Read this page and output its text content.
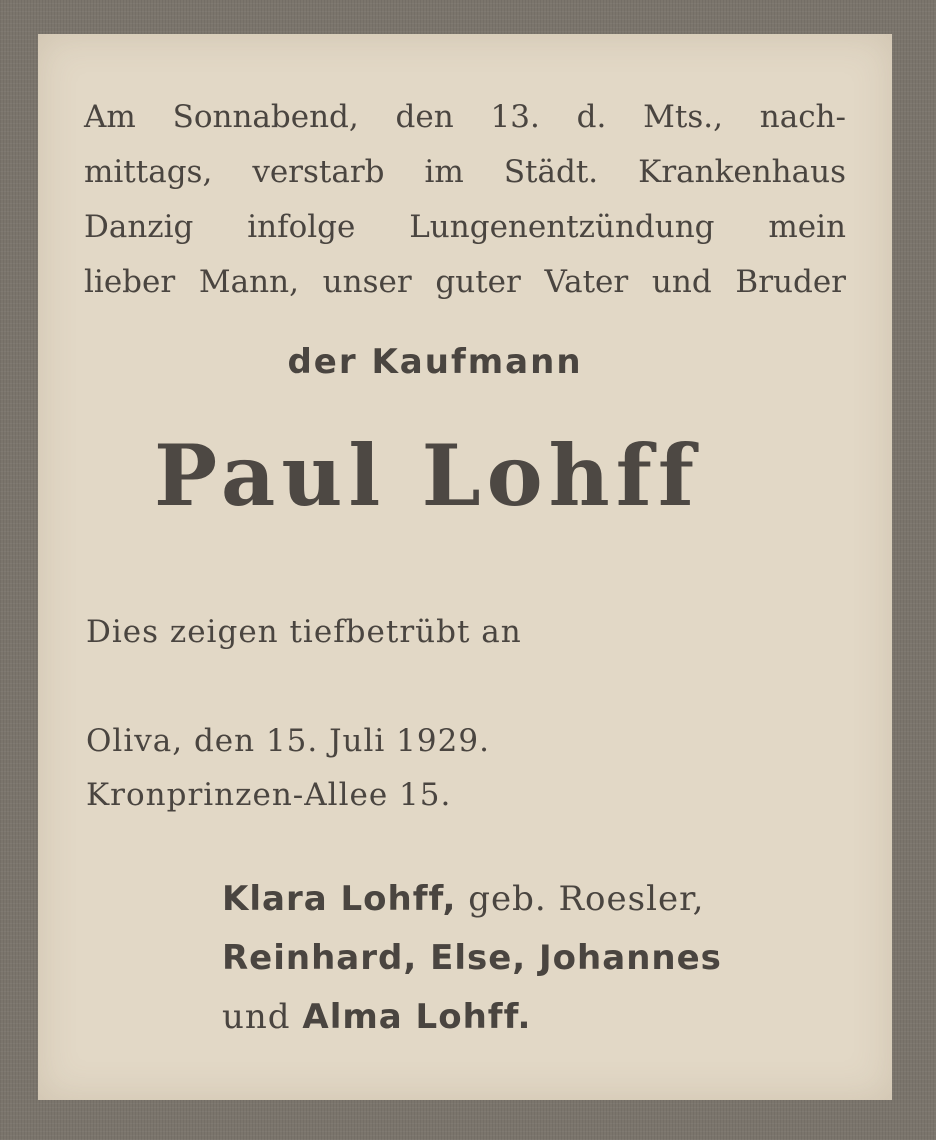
Am Sonnabend, den 13. d. Mts., nach-
mittags, verstarb im Städt. Krankenhaus
Danzig infolge Lungenentzündung mein
lieber Mann, unser guter Vater und Bruder
der Kaufmann
Paul Lohff
Dies zeigen tiefbetrübt an
Oliva, den 15. Juli 1929.
Kronprinzen-Allee 15.
Klara Lohff, geb. Roesler,
Reinhard, Else, Johannes
und Alma Lohff.
